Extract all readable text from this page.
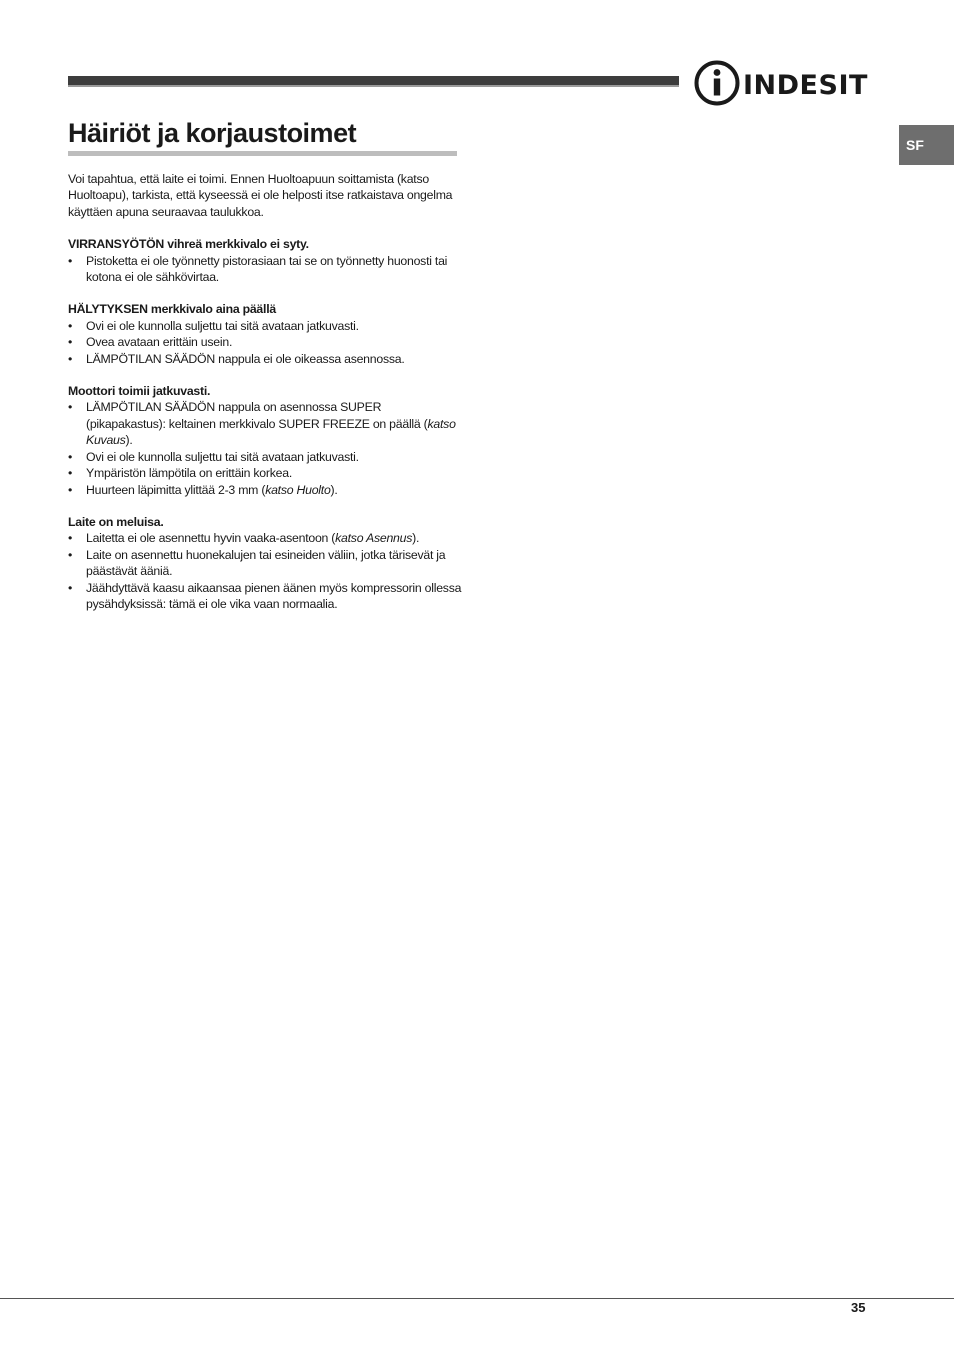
INDESIT
SF
Häiriöt ja korjaustoimet

Voi tapahtua, että laite ei toimi. Ennen Huoltoapuun soittamista (katso Huoltoapu), tarkista, että kyseessä ei ole helposti itse ratkaistava ongelma käyttäen apuna seuraavaa taulukkoa.

VIRRANSYÖTÖN vihreä merkkivalo ei syty.
• Pistoketta ei ole työnnetty pistorasiaan tai se on työnnetty huonosti tai kotona ei ole sähkövirtaa.
HÄLYTYKSEN merkkivalo aina päällä
• Ovi ei ole kunnolla suljettu tai sitä avataan jatkuvasti.
• Ovea avataan erittäin usein.
• LÄMPÖTILAN SÄÄDÖN nappula ei ole oikeassa asennossa.
Moottori toimii jatkuvasti.
• LÄMPÖTILAN SÄÄDÖN nappula on asennossa SUPER (pikapakastus): keltainen merkkivalo SUPER FREEZE on päällä (katso Kuvaus).
• Ovi ei ole kunnolla suljettu tai sitä avataan jatkuvasti.
• Ympäristön lämpötila on erittäin korkea.
• Huurteen läpimitta ylittää 2-3 mm (katso Huolto).
Laite on meluisa.
• Laitetta ei ole asennettu hyvin vaaka-asentoon (katso Asennus).
• Laite on asennettu huonekalujen tai esineiden väliin, jotka tärisevät ja päästävät ääniä.
• Jäähdyttävä kaasu aikaansaa pienen äänen myös kompressorin ollessa pysähdyksissä: tämä ei ole vika vaan normaalia.
35
